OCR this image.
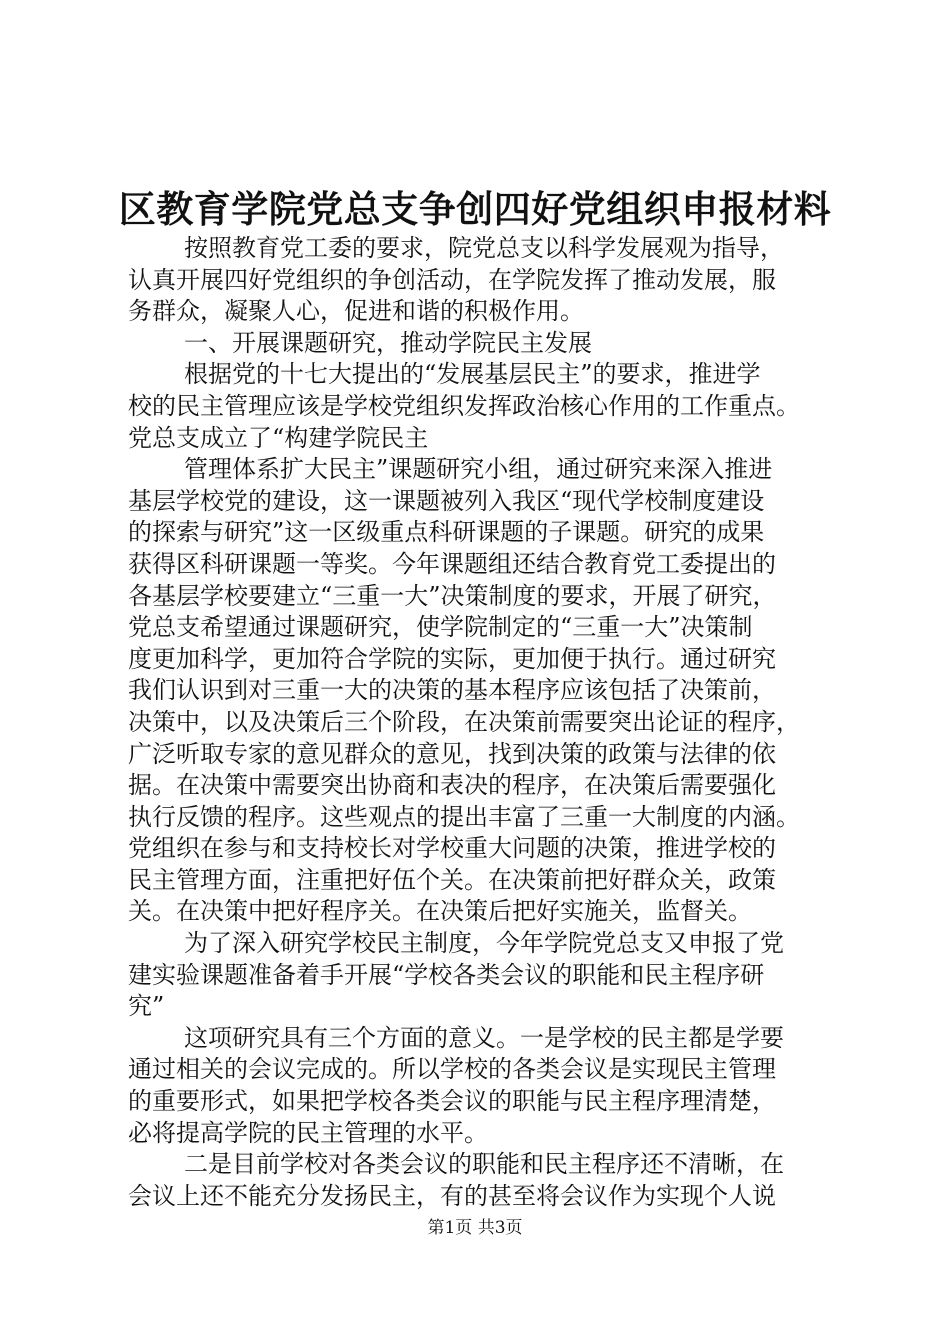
区教育学院党总支争创四好党组织申报材料
按照教育党工委的要求，院党总支以科学发展观为指导，
认真开展四好党组织的争创活动，在学院发挥了推动发展，服
务群众，凝聚人心，促进和谐的积极作用。
一、开展课题研究，推动学院民主发展
根据党的十七大提出的“发展基层民主”的要求，推进学
校的民主管理应该是学校党组织发挥政治核心作用的工作重点。
党总支成立了“构建学院民主
管理体系扩大民主”课题研究小组，通过研究来深入推进
基层学校党的建设，这一课题被列入我区“现代学校制度建设
的探索与研究”这一区级重点科研课题的子课题。研究的成果
获得区科研课题一等奖。今年课题组还结合教育党工委提出的
各基层学校要建立“三重一大”决策制度的要求，开展了研究，
党总支希望通过课题研究，使学院制定的“三重一大”决策制
度更加科学，更加符合学院的实际，更加便于执行。通过研究
我们认识到对三重一大的决策的基本程序应该包括了决策前，
决策中，以及决策后三个阶段，在决策前需要突出论证的程序，
广泛听取专家的意见群众的意见，找到决策的政策与法律的依
据。在决策中需要突出协商和表决的程序，在决策后需要强化
执行反馈的程序。这些观点的提出丰富了三重一大制度的内涵。
党组织在参与和支持校长对学校重大问题的决策，推进学校的
民主管理方面，注重把好伍个关。在决策前把好群众关，政策
关。在决策中把好程序关。在决策后把好实施关，监督关。
为了深入研究学校民主制度，今年学院党总支又申报了党
建实验课题准备着手开展“学校各类会议的职能和民主程序研
究”
这项研究具有三个方面的意义。一是学校的民主都是学要
通过相关的会议完成的。所以学校的各类会议是实现民主管理
的重要形式，如果把学校各类会议的职能与民主程序理清楚，
必将提高学院的民主管理的水平。
二是目前学校对各类会议的职能和民主程序还不清晰，在
会议上还不能充分发扬民主，有的甚至将会议作为实现个人说
第1页 共3页
